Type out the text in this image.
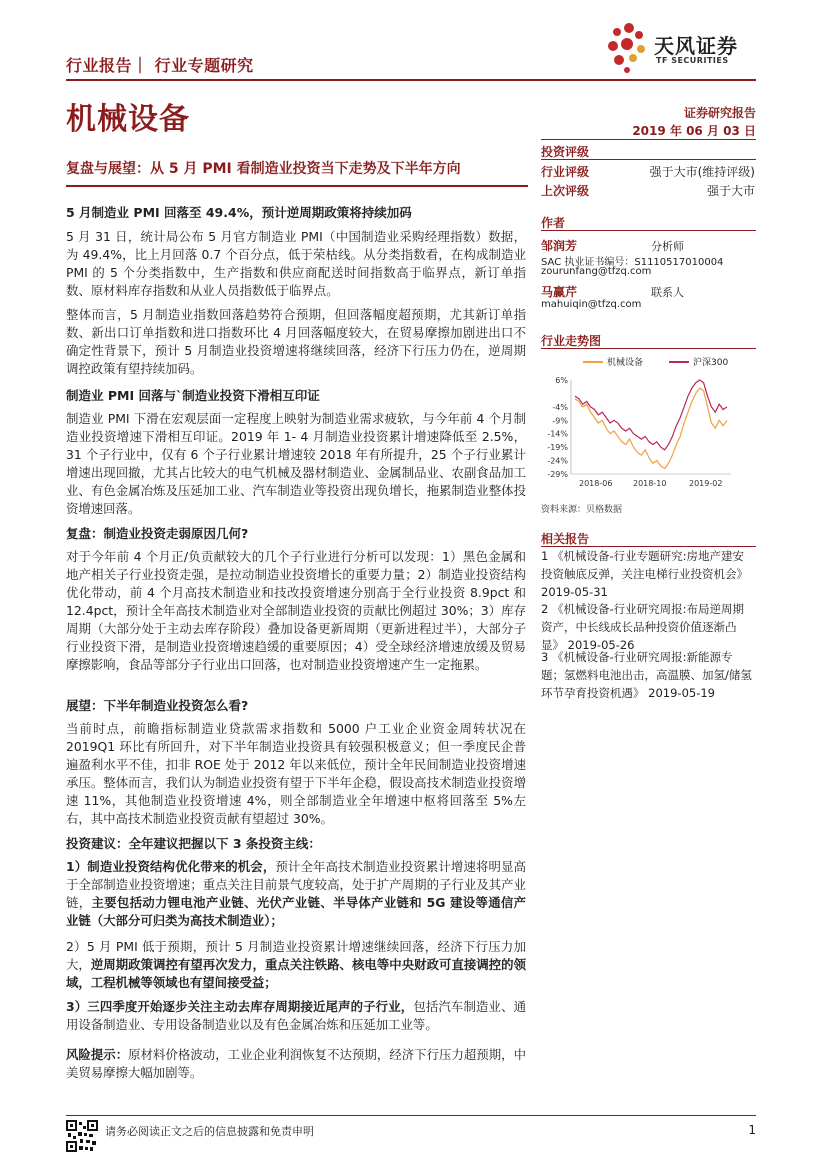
行业报告｜ 行业专题研究
机械设备
天风证券
TF SECURITIES
证券研究报告
2019 年 06 月 03 日
复盘与展望：从 5 月 PMI 看制造业投资当下走势及下半年方向
5 月制造业 PMI 回落至 49.4%，预计逆周期政策将持续加码
5 月 31 日，统计局公布 5 月官方制造业 PMI（中国制造业采购经理指数）数据，为 49.4%，比上月回落 0.7 个百分点，低于荣枯线。从分类指数看，在构成制造业 PMI 的 5 个分类指数中，生产指数和供应商配送时间指数高于临界点，新订单指数、原材料库存指数和从业人员指数低于临界点。
整体而言，5 月制造业指数回落趋势符合预期，但回落幅度超预期，尤其新订单指数、新出口订单指数和进口指数环比 4 月回落幅度较大，在贸易摩擦加剧进出口不确定性背景下，预计 5 月制造业投资增速将继续回落，经济下行压力仍在，逆周期调控政策有望持续加码。
制造业 PMI 回落与`制造业投资下滑相互印证
制造业 PMI 下滑在宏观层面一定程度上映射为制造业需求疲软，与今年前 4 个月制造业投资增速下滑相互印证。2019 年 1- 4 月制造业投资累计增速降低至 2.5%，31 个子行业中，仅有 6 个子行业累计增速较 2018 年有所提升，25 个子行业累计增速出现回撤，尤其占比较大的电气机械及器材制造业、金属制品业、农副食品加工业、有色金属冶炼及压延加工业、汽车制造业等投资出现负增长，拖累制造业整体投资增速回落。
复盘：制造业投资走弱原因几何?
对于今年前 4 个月正/负贡献较大的几个子行业进行分析可以发现：1）黑色金属和地产相关子行业投资走强，是拉动制造业投资增长的重要力量；2）制造业投资结构优化带动，前 4 个月高技术制造业和技改投资增速分别高于全行业投资 8.9pct 和 12.4pct，预计全年高技术制造业对全部制造业投资的贡献比例超过 30%；3）库存周期（大部分处于主动去库存阶段）叠加设备更新周期（更新进程过半），大部分子行业投资下滑，是制造业投资增速趋缓的重要原因；4）受全球经济增速放缓及贸易摩擦影响，食品等部分子行业出口回落，也对制造业投资增速产生一定拖累。
展望：下半年制造业投资怎么看?
当前时点，前瞻指标制造业贷款需求指数和 5000 户工业企业资金周转状况在 2019Q1 环比有所回升，对下半年制造业投资具有较强积极意义；但一季度民企普遍盈利水平不佳，扣非 ROE 处于 2012 年以来低位，预计全年民间制造业投资增速承压。整体而言，我们认为制造业投资有望于下半年企稳，假设高技术制造业投资增速 11%，其他制造业投资增速 4%，则全部制造业全年增速中枢将回落至 5%左右，其中高技术制造业投资贡献有望超过 30%。
投资建议：全年建议把握以下 3 条投资主线：
1）制造业投资结构优化带来的机会，预计全年高技术制造业投资累计增速将明显高于全部制造业投资增速；重点关注目前景气度较高，处于扩产周期的子行业及其产业链，主要包括动力锂电池产业链、光伏产业链、半导体产业链和 5G 建设等通信产业链（大部分可归类为高技术制造业）；
2）5 月 PMI 低于预期，预计 5 月制造业投资累计增速继续回落，经济下行压力加大，逆周期政策调控有望再次发力，重点关注铁路、核电等中央财政可直接调控的领域，工程机械等领域也有望间接受益；
3）三四季度开始逐步关注主动去库存周期接近尾声的子行业，包括汽车制造业、通用设备制造业、专用设备制造业以及有色金属冶炼和压延加工业等。
风险提示：原材料价格波动，工业企业利润恢复不达预期，经济下行压力超预期，中美贸易摩擦大幅加剧等。
投资评级
行业评级	强于大市(维持评级)
上次评级	强于大市
作者
邹润芳	分析师
SAC 执业证书编号：S1110517010004
zourunfang@tfzq.com
马赢芹	联系人
mahuiqin@tfzq.com
行业走势图
机械设备	沪深300
6%
-4%
-9%
-14%
-19%
-24%
-29%
2018-06	2018-10	2019-02
资料来源：贝格数据
相关报告
1 《机械设备-行业专题研究:房地产建安投资触底反弹，关注电梯行业投资机会》 2019-05-31
2 《机械设备-行业研究周报:布局逆周期资产，中长线成长品种投资价值逐渐凸显》 2019-05-26
3 《机械设备-行业研究周报:新能源专题；氢燃料电池出击，高温膜、加氢/储氢环节孕育投资机遇》 2019-05-19
请务必阅读正文之后的信息披露和免责申明	1
